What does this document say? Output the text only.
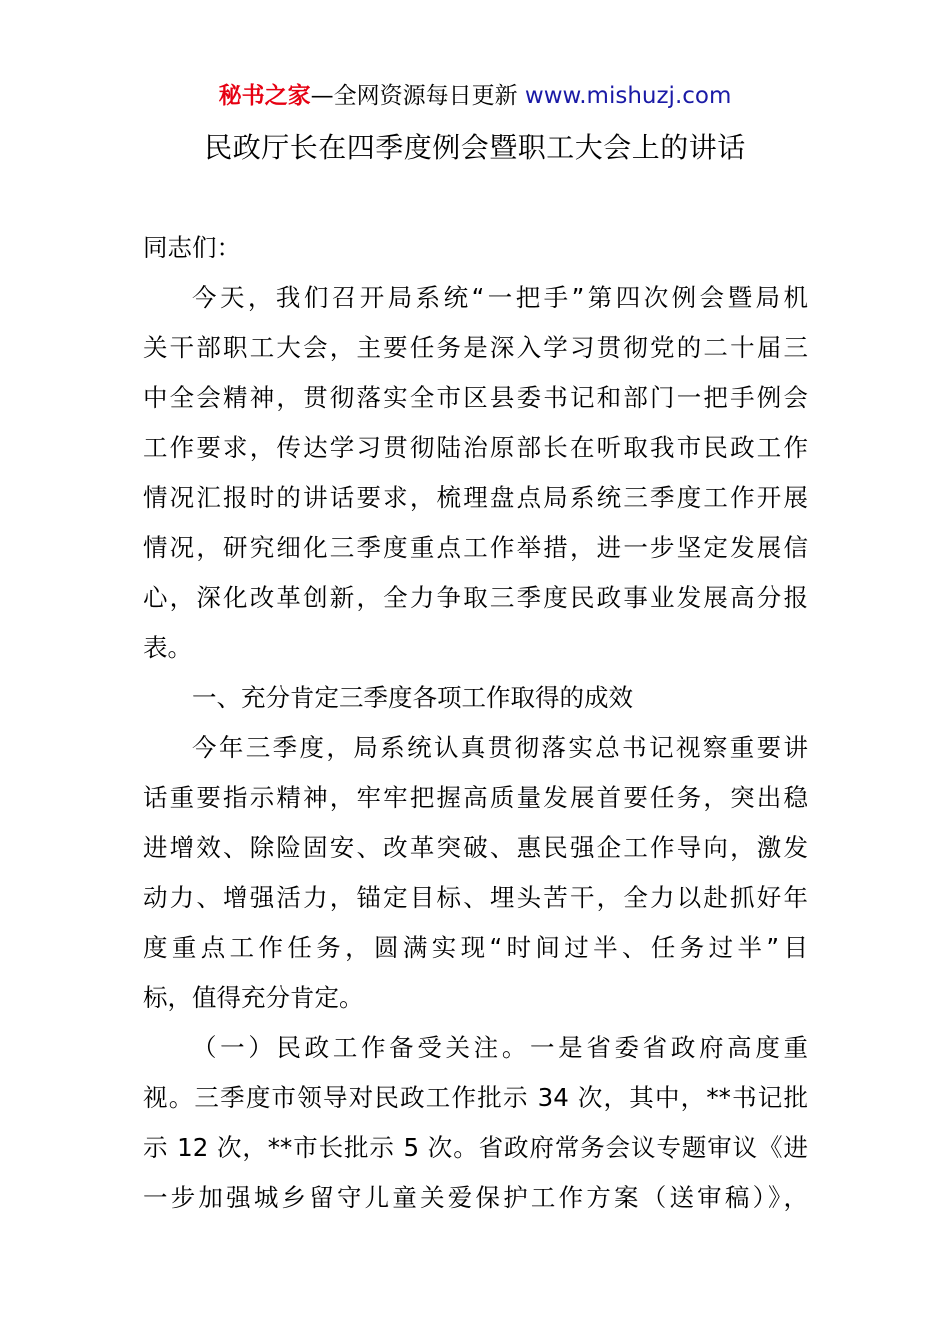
秘书之家—全网资源每日更新 www.mishuzj.com
民政厅长在四季度例会暨职工大会上的讲话
同志们：
今天，我们召开局系统“一把手”第四次例会暨局机
关干部职工大会，主要任务是深入学习贯彻党的二十届三
中全会精神，贯彻落实全市区县委书记和部门一把手例会
工作要求，传达学习贯彻陆治原部长在听取我市民政工作
情况汇报时的讲话要求，梳理盘点局系统三季度工作开展
情况，研究细化三季度重点工作举措，进一步坚定发展信
心，深化改革创新，全力争取三季度民政事业发展高分报
表。
一、充分肯定三季度各项工作取得的成效
今年三季度，局系统认真贯彻落实总书记视察重要讲
话重要指示精神，牢牢把握高质量发展首要任务，突出稳
进增效、除险固安、改革突破、惠民强企工作导向，激发
动力、增强活力，锚定目标、埋头苦干，全力以赴抓好年
度重点工作任务，圆满实现“时间过半、任务过半”目
标，值得充分肯定。
（一）民政工作备受关注。一是省委省政府高度重
视。三季度市领导对民政工作批示 34 次，其中，**书记批
示 12 次，**市长批示 5 次。省政府常务会议专题审议《进
一步加强城乡留守儿童关爱保护工作方案（送审稿）》，
